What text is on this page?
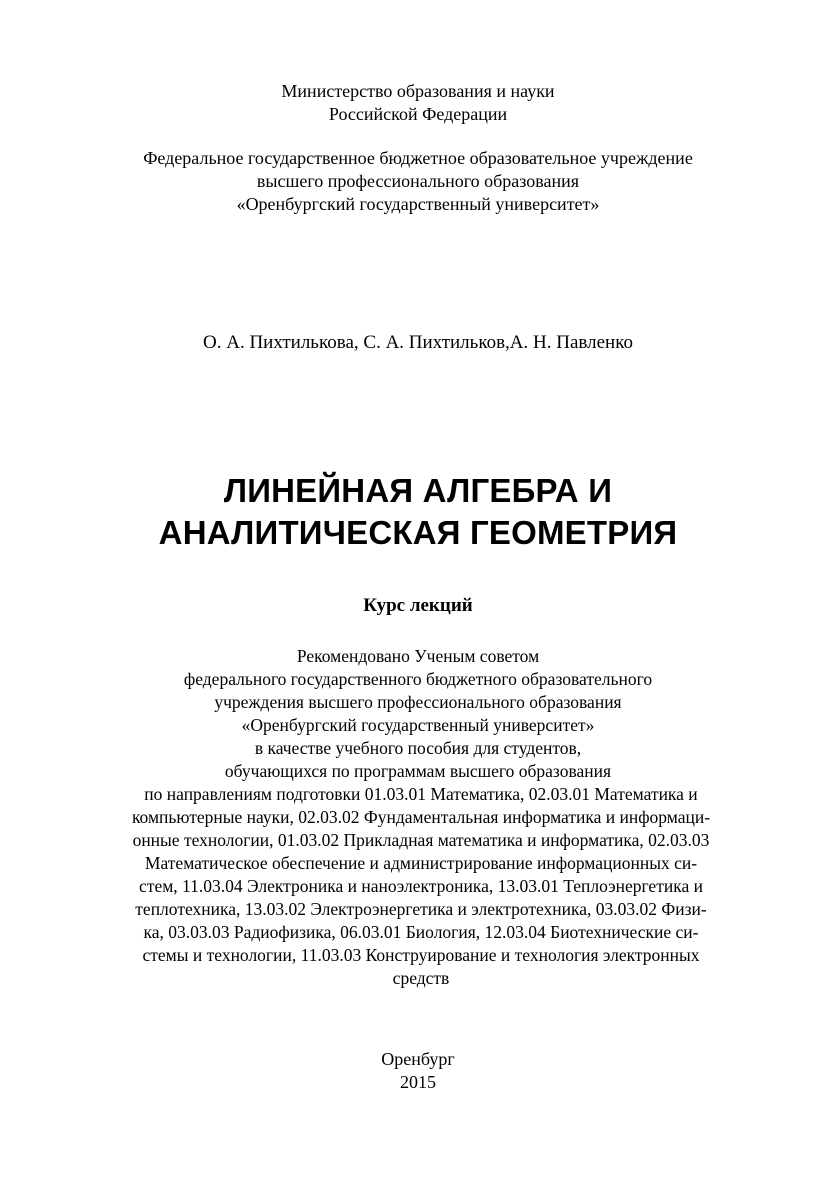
Министерство образования и науки
Российской Федерации
Федеральное государственное бюджетное образовательное учреждение
высшего профессионального образования
«Оренбургский государственный университет»
О. А. Пихтилькова, С. А. Пихтильков,А. Н. Павленко
ЛИНЕЙНАЯ АЛГЕБРА И
АНАЛИТИЧЕСКАЯ ГЕОМЕТРИЯ
Курс лекций
Рекомендовано Ученым советом
федерального государственного бюджетного образовательного
учреждения высшего профессионального образования
«Оренбургский государственный университет»
в качестве учебного пособия для студентов,
обучающихся по программам высшего образования
по направлениям подготовки 01.03.01 Математика, 02.03.01 Математика и
компьютерные науки, 02.03.02 Фундаментальная информатика и информаци-
онные технологии, 01.03.02 Прикладная математика и информатика, 02.03.03
Математическое обеспечение и администрирование информационных си-
стем, 11.03.04 Электроника и наноэлектроника, 13.03.01 Теплоэнергетика и
теплотехника, 13.03.02 Электроэнергетика и электротехника, 03.03.02 Физи-
ка, 03.03.03 Радиофизика, 06.03.01 Биология, 12.03.04 Биотехнические си-
стемы и технологии, 11.03.03 Конструирование и технология электронных
средств
Оренбург
2015
